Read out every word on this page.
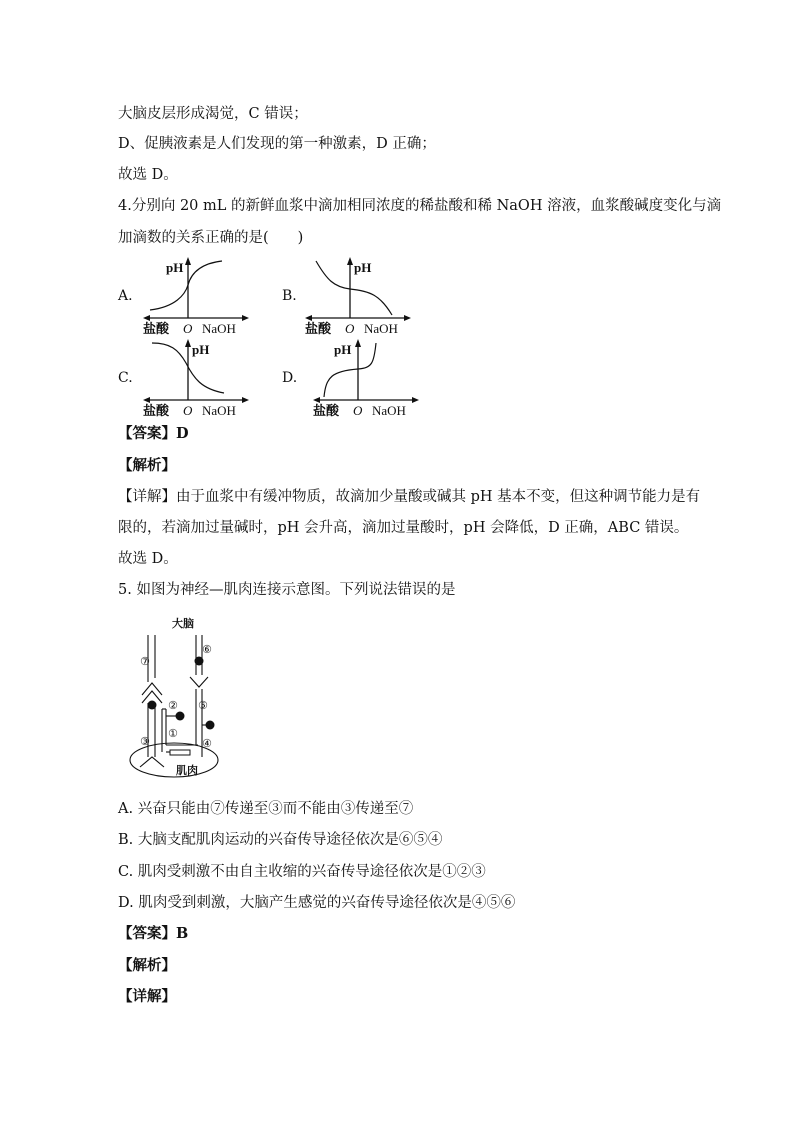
大脑皮层形成渴觉，C 错误；
D、促胰液素是人们发现的第一种激素，D 正确；
故选 D。
4.分别向 20 mL 的新鲜血浆中滴加相同浓度的稀盐酸和稀 NaOH 溶液，血浆酸碱度变化与滴
加滴数的关系正确的是(　　)
A.	B.
C.	D.
pH
盐酸 O NaOH
pH
盐酸 O NaOH
pH
盐酸 O NaOH
pH
盐酸 O NaOH
【答案】D
【解析】
【详解】由于血浆中有缓冲物质，故滴加少量酸或碱其 pH 基本不变，但这种调节能力是有
限的，若滴加过量碱时，pH 会升高，滴加过量酸时，pH 会降低，D 正确，ABC 错误。
故选 D。
5. 如图为神经—肌肉连接示意图。下列说法错误的是
大脑
肌肉
⑦
⑥
②
①
⑤
④
③
A. 兴奋只能由⑦传递至③而不能由③传递至⑦
B. 大脑支配肌肉运动的兴奋传导途径依次是⑥⑤④
C. 肌肉受刺激不由自主收缩的兴奋传导途径依次是①②③
D. 肌肉受到刺激，大脑产生感觉的兴奋传导途径依次是④⑤⑥
【答案】B
【解析】
【详解】
